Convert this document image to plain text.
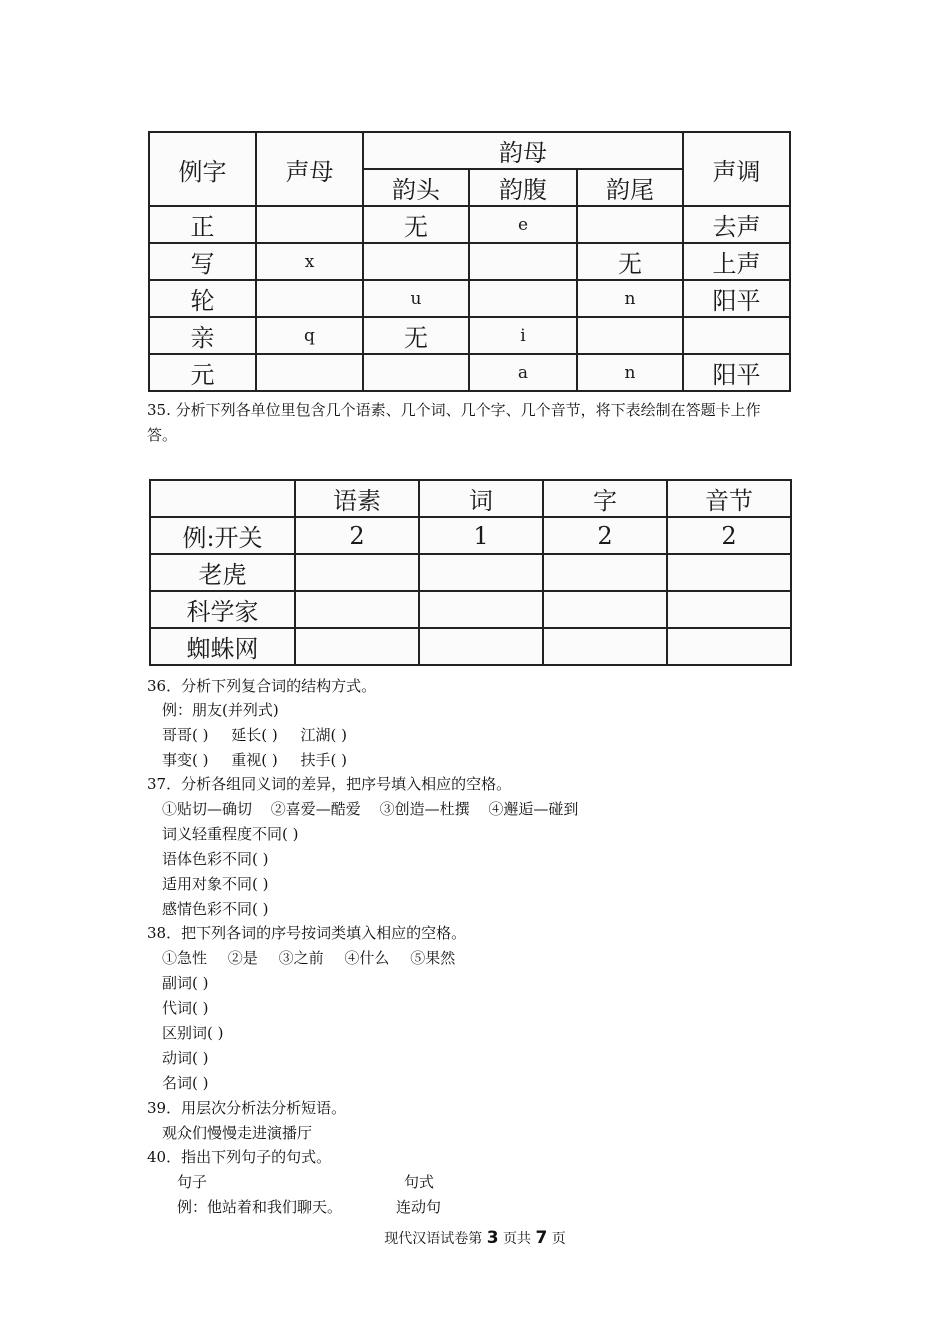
例字	声母	韵母			声调
		韵头	韵腹	韵尾	
正		无	e		去声
写	x			无	上声
轮		u		n	阳平
亲	q	无	i		
元			a	n	阳平
35. 分析下列各单位里包含几个语素、几个词、几个字、几个音节，将下表绘制在答题卡上作
答。
	语素	词	字	音节
例:开关	2	1	2	2
老虎				
科学家				
蜘蛛网				
36．分析下列复合词的结构方式。
例：朋友(并列式)
哥哥( ) 延长( ) 江湖( )
事变( ) 重视( ) 扶手( )
37．分析各组同义词的差异，把序号填入相应的空格。
①贴切—确切 ②喜爱—酷爱 ③创造—杜撰 ④邂逅—碰到
词义轻重程度不同( )
语体色彩不同( )
适用对象不同( )
感情色彩不同( )
38．把下列各词的序号按词类填入相应的空格。
①急性 ②是 ③之前 ④什么 ⑤果然
副词( )
代词( )
区别词( )
动词( )
名词( )
39．用层次分析法分析短语。
观众们慢慢走进演播厅
40．指出下列句子的句式。
句子	句式
例：他站着和我们聊天。	连动句
现代汉语试卷第 3 页共 7 页
